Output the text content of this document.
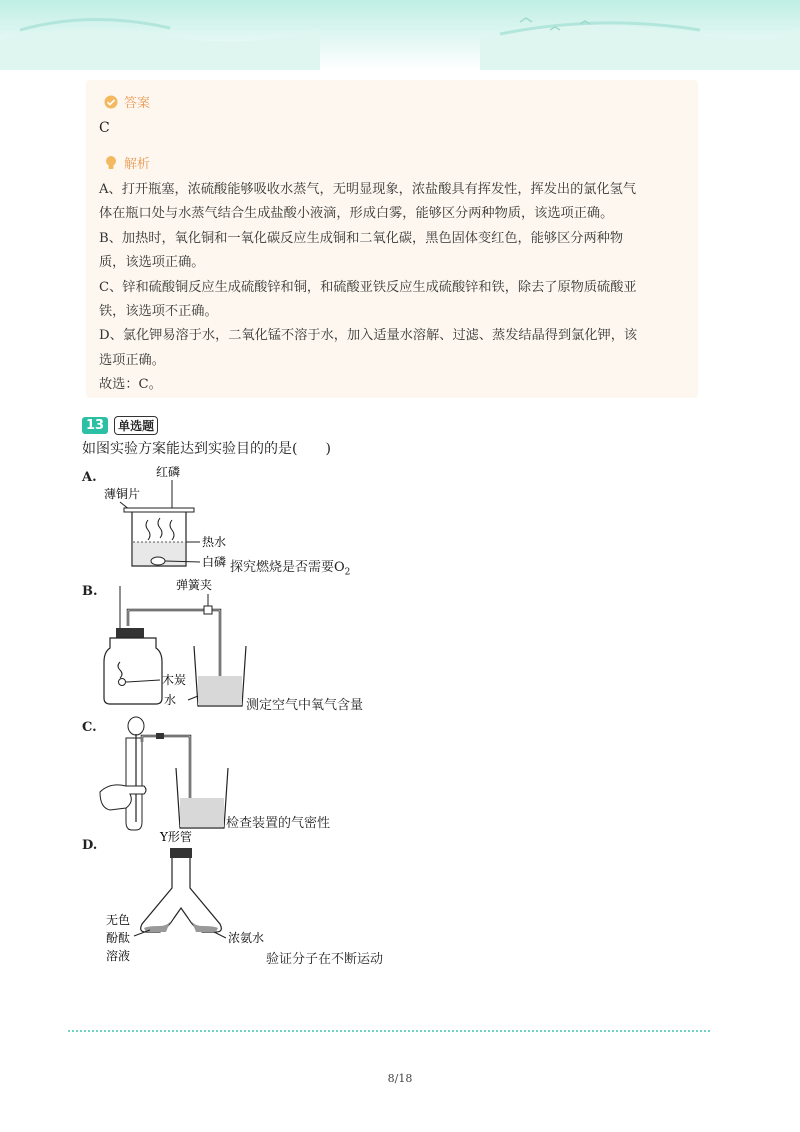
答案
C
解析

A、打开瓶塞，浓硫酸能够吸收水蒸气，无明显现象，浓盐酸具有挥发性，挥发出的氯化氢气

体在瓶口处与水蒸气结合生成盐酸小液滴，形成白雾，能够区分两种物质，该选项正确。

B、加热时，氧化铜和一氧化碳反应生成铜和二氧化碳，黑色固体变红色，能够区分两种物

质，该选项正确。

C、锌和硫酸铜反应生成硫酸锌和铜，和硫酸亚铁反应生成硫酸锌和铁，除去了原物质硫酸亚

铁，该选项不正确。

D、氯化钾易溶于水，二氧化锰不溶于水，加入适量水溶解、过滤、蒸发结晶得到氯化钾，该

选项正确。

故选：C。

13	单选题
如图实验方案能达到实验目的的是(　　)
A.	红磷
薄铜片
热水
白磷 探究燃烧是否需要$O_2$
B.	弹簧夹
木炭
水	测定空气中氧气含量
C.
检查装置的气密性
D.
Y形管
无色
酚酞
溶液
浓氨水
验证分子在不断运动
8/18
